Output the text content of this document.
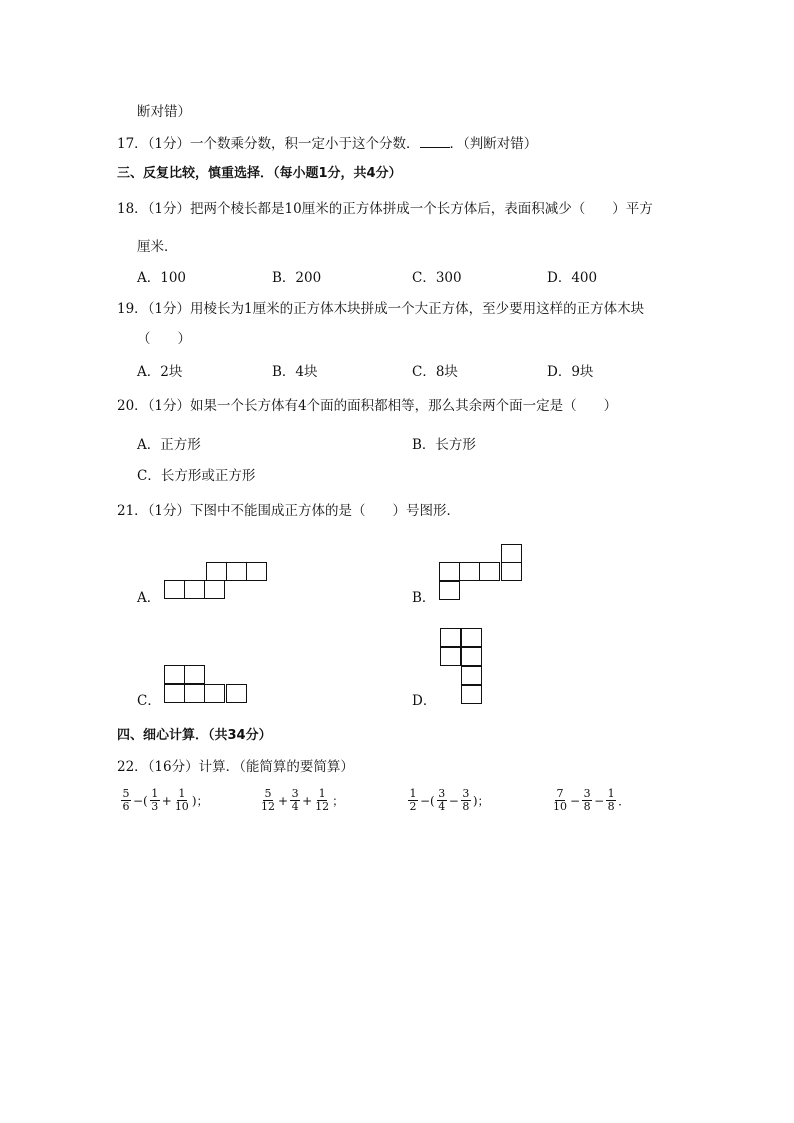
断对错）
17．（1分）一个数乘分数，积一定小于这个分数． ．（判断对错）
三、反复比较，慎重选择．（每小题1分，共4分）
18．（1分）把两个棱长都是10厘米的正方体拼成一个长方体后，表面积减少（　　）平方
厘米．
A．100	B．200	C．300	D．400
19．（1分）用棱长为1厘米的正方体木块拼成一个大正方体，至少要用这样的正方体木块
（　　）
A．2块	B．4块	C．8块	D．9块
20．（1分）如果一个长方体有4个面的面积都相等，那么其余两个面一定是（　　）
A．正方形	B．长方形
C．长方形或正方形
21．（1分）下图中不能围成正方体的是（　　）号图形．
A．	B．
C．	D．
四、细心计算．（共34分）
22．（16分）计算．（能简算的要简算）
$\frac{5}{6}$ −( $\frac{1}{3} + \frac{1}{10}$ )；	$\frac{5}{12} + \frac{3}{4} + \frac{1}{12}$ ；	$\frac{1}{2}$ −( $\frac{3}{4} - \frac{3}{8}$ )；	$\frac{7}{10} - \frac{3}{8} - \frac{1}{8}$ ．
